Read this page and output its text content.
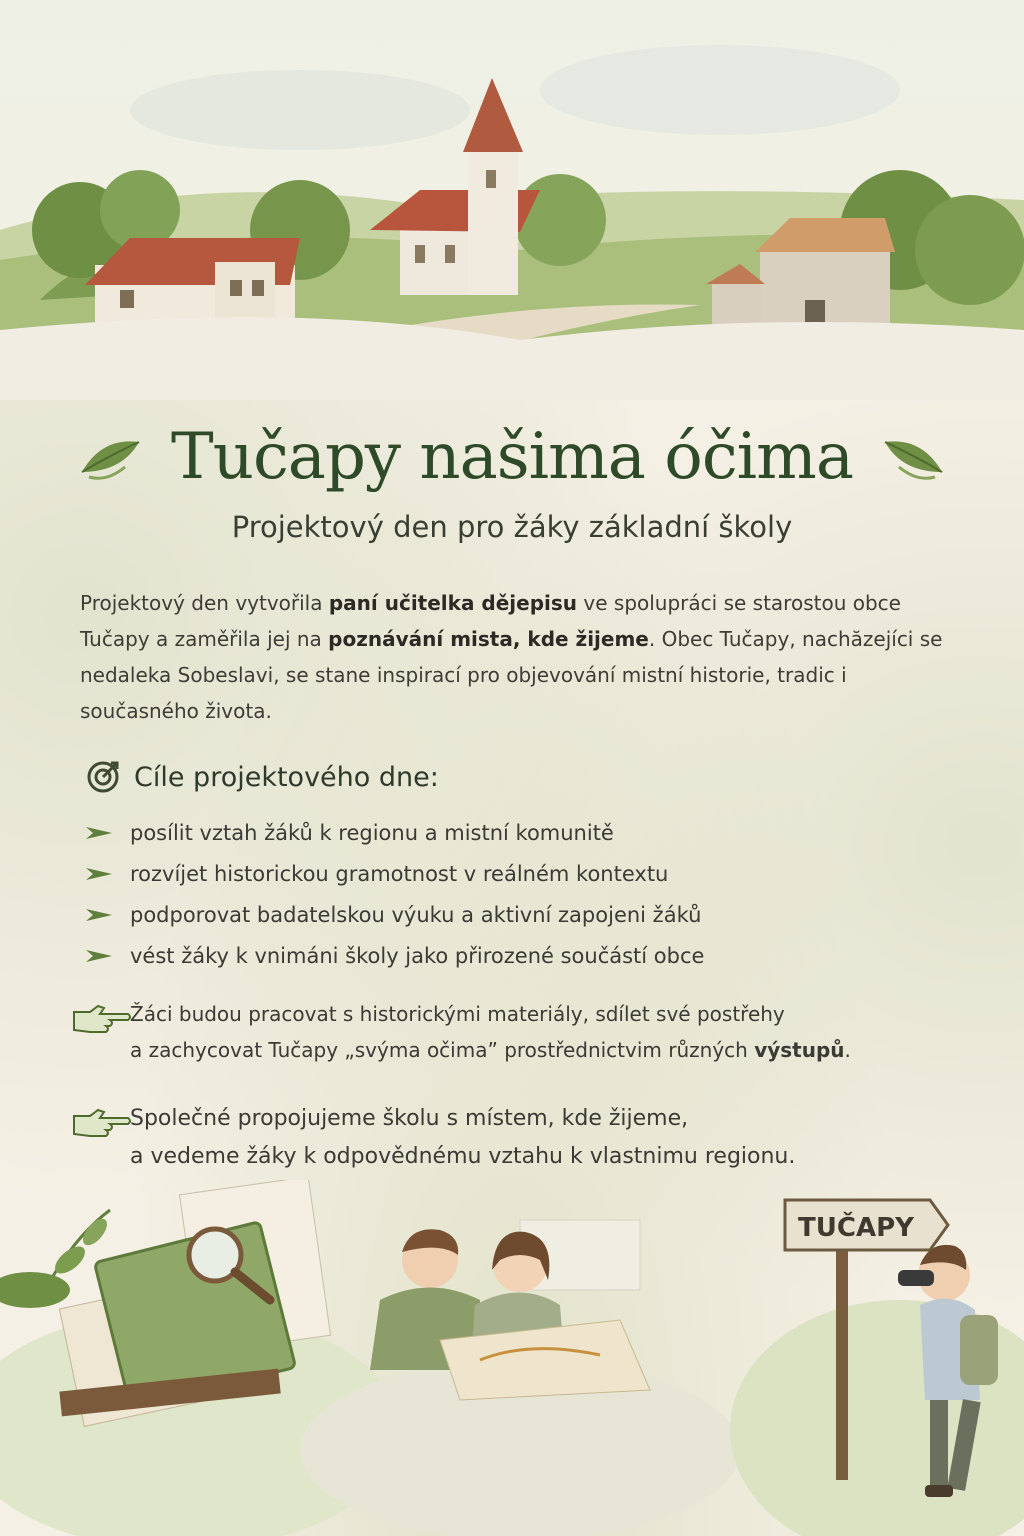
Tučapy našima óčima
Projektový den pro žáky základní školy
Projektový den vytvořila paní učitelka dějepisu ve spolupráci se starostou obce Tučapy a zaměřila jej na poznávání mista, kde žijeme. Obec Tučapy, nachăzejíci se nedaleka Sobeslavi, se stane inspirací pro objevování mistní historie, tradic i současného života.
Cíle projektového dne:
posílit vztah žáků k regionu a mistní komunitě
rozvíjet historickou gramotnost v reálném kontextu
podporovat badatelskou výuku a aktivní zapojeni žáků
vést žáky k vnimáni školy jako přirozené součástí obce
Žáci budou pracovat s historickými materiály, sdílet své postřehy
a zachycovat Tučapy „svýma očima” prostřednictvim různých výstupů.
Společné propojujeme školu s místem, kde žijeme,
a vedeme žáky k odpovědnému vztahu k vlastnimu regionu.
TUČAPY
